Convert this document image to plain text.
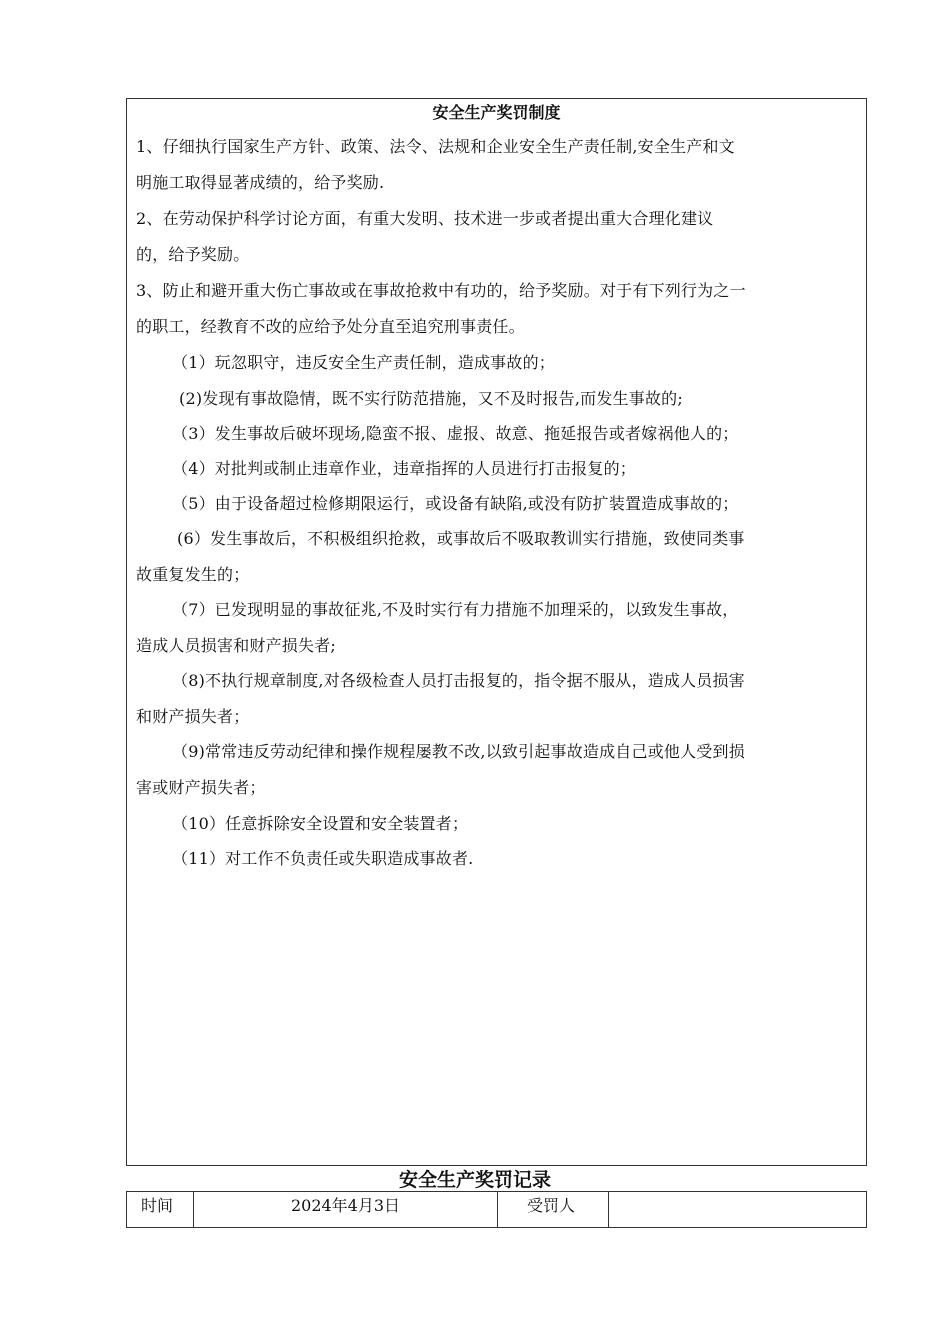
安全生产奖罚制度
1、仔细执行国家生产方针、政策、法令、法规和企业安全生产责任制,安全生产和文
明施工取得显著成绩的，给予奖励.
2、在劳动保护科学讨论方面，有重大发明、技术进一步或者提出重大合理化建议
的，给予奖励。
3、防止和避开重大伤亡事故或在事故抢救中有功的，给予奖励。对于有下列行为之一
的职工，经教育不改的应给予处分直至追究刑事责任。
（1）玩忽职守，违反安全生产责任制，造成事故的；
(2)发现有事故隐情，既不实行防范措施，又不及时报告,而发生事故的;
（3）发生事故后破坏现场,隐蛮不报、虚报、故意、拖延报告或者嫁祸他人的；
（4）对批判或制止违章作业，违章指挥的人员进行打击报复的；
（5）由于设备超过检修期限运行，或设备有缺陷,或没有防扩装置造成事故的；
(6）发生事故后，不积极组织抢救，或事故后不吸取教训实行措施，致使同类事
故重复发生的；
（7）已发现明显的事故征兆,不及时实行有力措施不加理采的，以致发生事故，
造成人员损害和财产损失者;
（8)不执行规章制度,对各级检查人员打击报复的，指令据不服从，造成人员损害
和财产损失者；
（9)常常违反劳动纪律和操作规程屡教不改,以致引起事故造成自己或他人受到损
害或财产损失者；
（10）任意拆除安全设置和安全装置者；
（11）对工作不负责任或失职造成事故者.
安全生产奖罚记录
时间	2024年4月3日	受罚人
